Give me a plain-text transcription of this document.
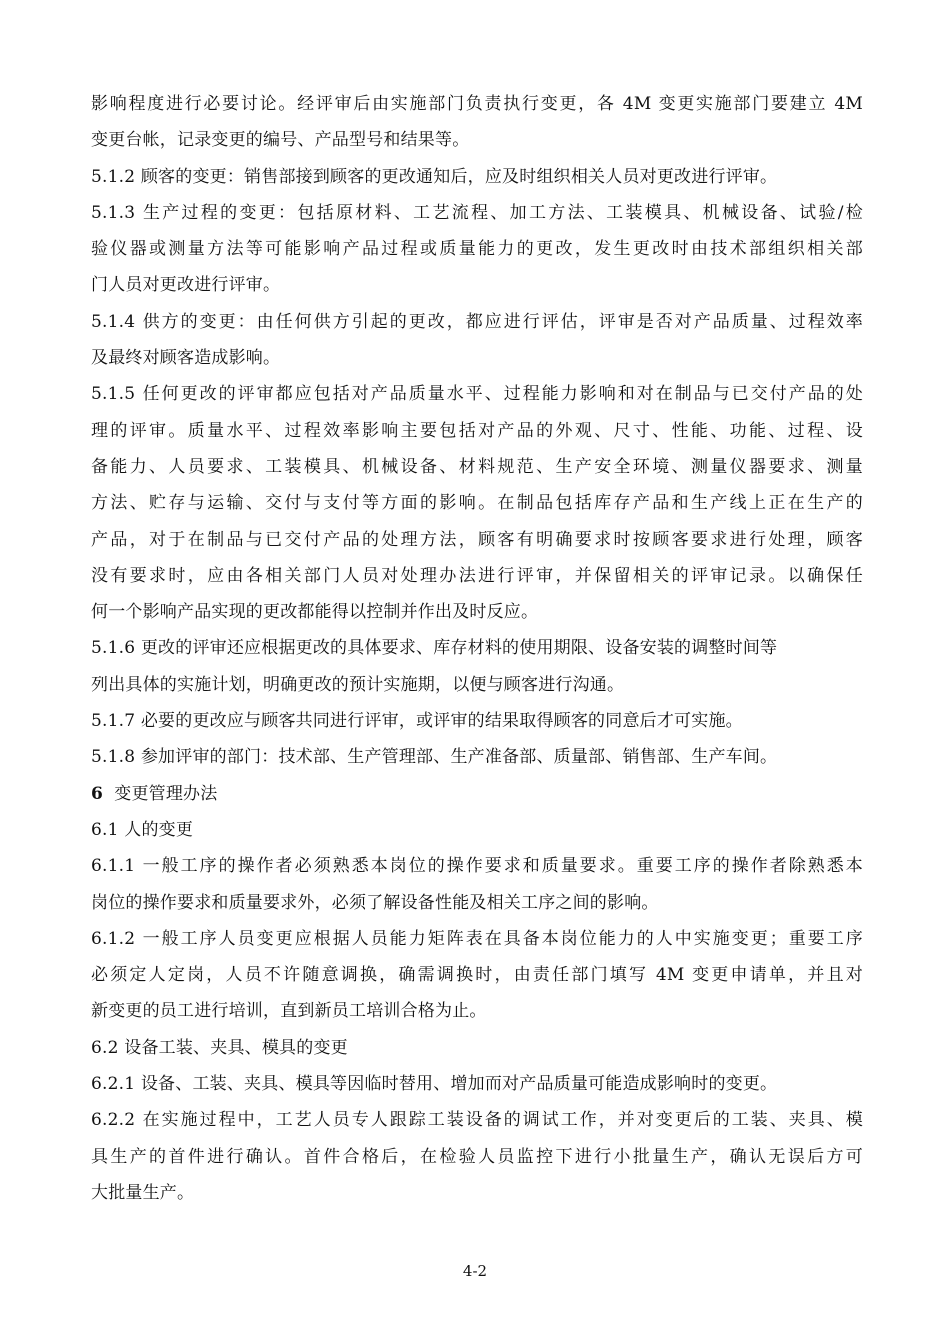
影响程度进行必要讨论。经评审后由实施部门负责执行变更，各 4M 变更实施部门要建立 4M
变更台帐，记录变更的编号、产品型号和结果等。

5.1.2 顾客的变更：销售部接到顾客的更改通知后，应及时组织相关人员对更改进行评审。

5.1.3 生产过程的变更：包括原材料、工艺流程、加工方法、工装模具、机械设备、试验/检
验仪器或测量方法等可能影响产品过程或质量能力的更改，发生更改时由技术部组织相关部
门人员对更改进行评审。

5.1.4 供方的变更：由任何供方引起的更改，都应进行评估，评审是否对产品质量、过程效率
及最终对顾客造成影响。

5.1.5 任何更改的评审都应包括对产品质量水平、过程能力影响和对在制品与已交付产品的处
理的评审。质量水平、过程效率影响主要包括对产品的外观、尺寸、性能、功能、过程、设
备能力、人员要求、工装模具、机械设备、材料规范、生产安全环境、测量仪器要求、测量
方法、贮存与运输、交付与支付等方面的影响。在制品包括库存产品和生产线上正在生产的
产品，对于在制品与已交付产品的处理方法，顾客有明确要求时按顾客要求进行处理，顾客
没有要求时，应由各相关部门人员对处理办法进行评审，并保留相关的评审记录。以确保任
何一个影响产品实现的更改都能得以控制并作出及时反应。

5.1.6 更改的评审还应根据更改的具体要求、库存材料的使用期限、设备安装的调整时间等
列出具体的实施计划，明确更改的预计实施期，以便与顾客进行沟通。

5.1.7 必要的更改应与顾客共同进行评审，或评审的结果取得顾客的同意后才可实施。

5.1.8 参加评审的部门：技术部、生产管理部、生产准备部、质量部、销售部、生产车间。

6 变更管理办法

6.1 人的变更

6.1.1 一般工序的操作者必须熟悉本岗位的操作要求和质量要求。重要工序的操作者除熟悉本
岗位的操作要求和质量要求外，必须了解设备性能及相关工序之间的影响。

6.1.2 一般工序人员变更应根据人员能力矩阵表在具备本岗位能力的人中实施变更；重要工序
必须定人定岗，人员不许随意调换，确需调换时，由责任部门填写 4M 变更申请单，并且对
新变更的员工进行培训，直到新员工培训合格为止。

6.2 设备工装、夹具、模具的变更

6.2.1 设备、工装、夹具、模具等因临时替用、增加而对产品质量可能造成影响时的变更。

6.2.2 在实施过程中，工艺人员专人跟踪工装设备的调试工作，并对变更后的工装、夹具、模
具生产的首件进行确认。首件合格后，在检验人员监控下进行小批量生产，确认无误后方可
大批量生产。

4-2
